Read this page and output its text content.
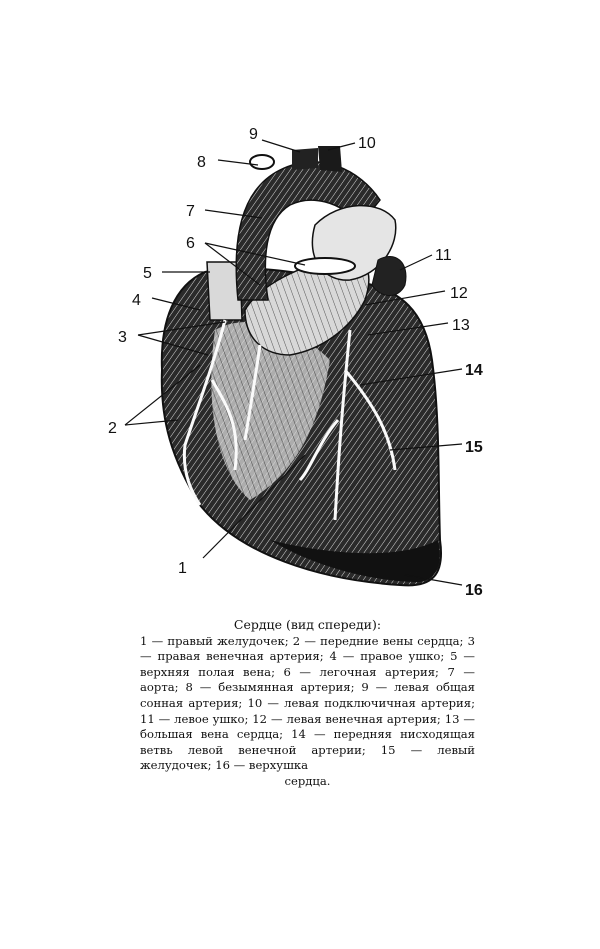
1
2
3
4
5
6
7
8
9
10
11
12
13
14
15
16
Сердце (вид спереди):

1 — правый желудочек; 2 — передние вены сердца; 3 — правая венечная артерия; 4 — правое ушко; 5 — верхняя полая вена; 6 — легочная артерия; 7 — аорта; 8 — безымянная артерия; 9 — левая общая сонная артерия; 10 — левая подключичная артерия; 11 — левое ушко; 12 — левая венечная артерия; 13 — большая вена сердца; 14 — передняя нисходящая ветвь левой венечной артерии; 15 — левый желудочек; 16 — верхушка

сердца.
